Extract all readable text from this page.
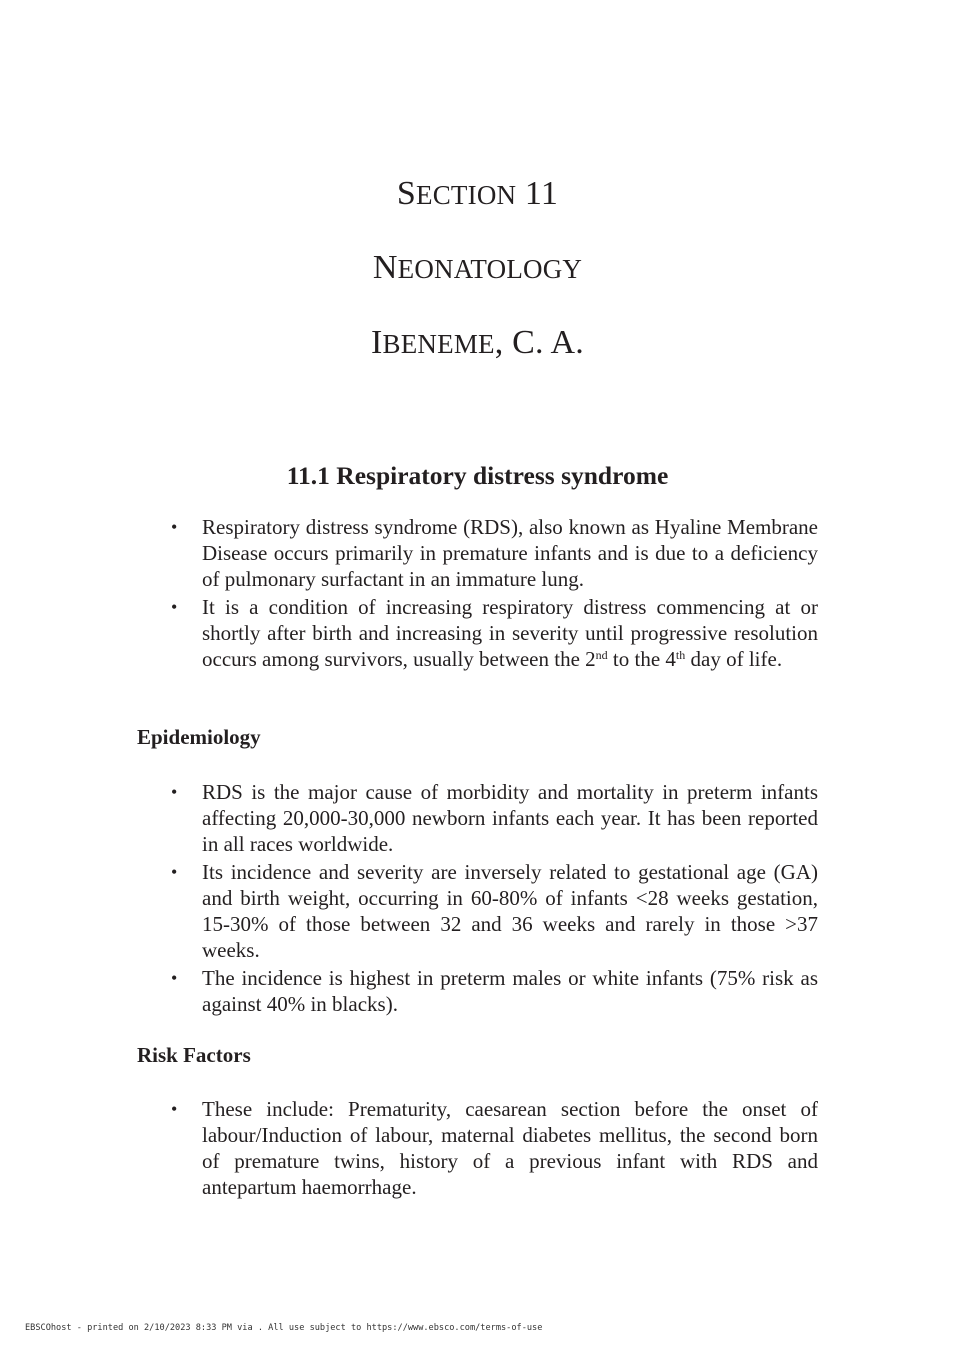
SECTION 11
NEONATOLOGY
IBENEME, C. A.
11.1 Respiratory distress syndrome
• Respiratory distress syndrome (RDS), also known as Hyaline Membrane Disease occurs primarily in premature infants and is due to a deficiency of pulmonary surfactant in an immature lung.
• It is a condition of increasing respiratory distress commencing at or shortly after birth and increasing in severity until progressive resolution occurs among survivors, usually between the 2nd to the 4th day of life.
Epidemiology
• RDS is the major cause of morbidity and mortality in preterm infants affecting 20,000-30,000 newborn infants each year. It has been reported in all races worldwide.
• Its incidence and severity are inversely related to gestational age (GA) and birth weight, occurring in 60-80% of infants <28 weeks gestation, 15-30% of those between 32 and 36 weeks and rarely in those >37 weeks.
• The incidence is highest in preterm males or white infants (75% risk as against 40% in blacks).
Risk Factors
• These include: Prematurity, caesarean section before the onset of labour/Induction of labour, maternal diabetes mellitus, the second born of premature twins, history of a previous infant with RDS and antepartum haemorrhage.
EBSCOhost - printed on 2/10/2023 8:33 PM via . All use subject to https://www.ebsco.com/terms-of-use
